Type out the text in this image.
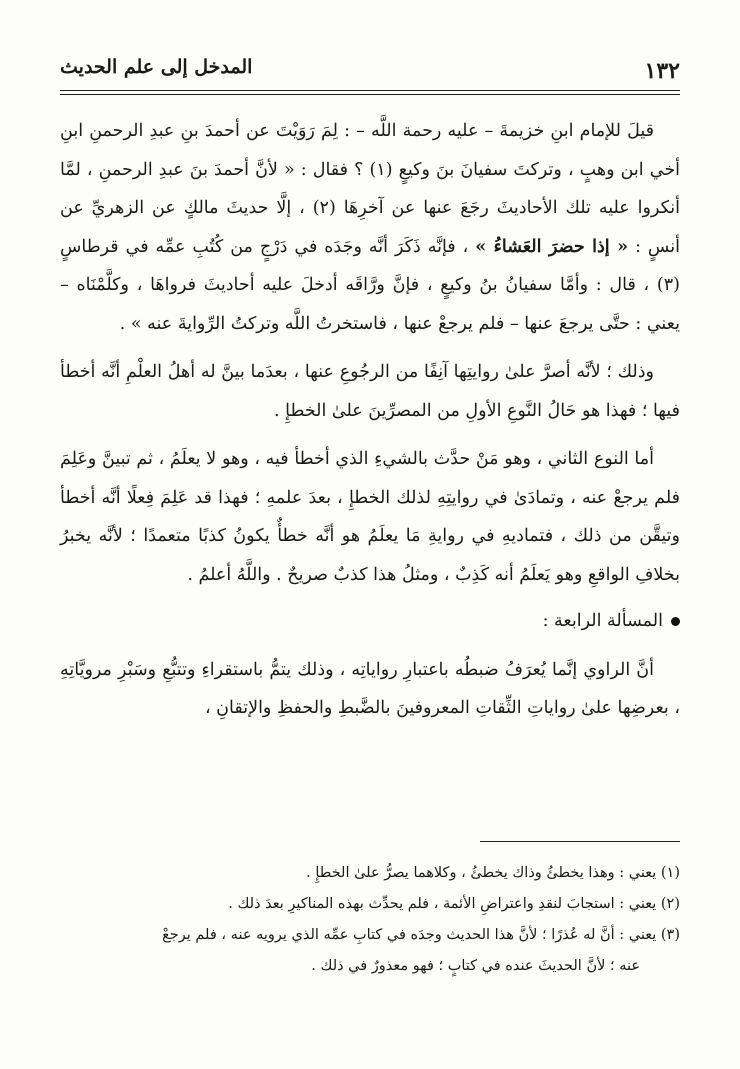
١٣٢
المدخل إلى علم الحديث

قيلَ للإمام ابنِ خزيمةَ – عليه رحمة اللَّه – : لِمَ رَوَيْتَ عن أحمدَ بنِ عبدِ الرحمنِ ابنِ أخي ابن وهبٍ ، وتركتَ سفيانَ بنَ وكيعٍ (١) ؟ فقال : « لأنَّ أحمدَ بنَ عبدِ الرحمنِ ، لمَّا أنكروا عليه تلك الأحاديثَ رجَعَ عنها عن آخرِهَا (٢) ، إلَّا حديثَ مالكٍ عن الزهريِّ عن أنسٍ : « إذا حضرَ العَشاءُ » ، فإنَّه ذَكَرَ أنَّه وجَدَه في دَرْجٍ من كُتُبِ عمِّه في قرطاسٍ (٣) ، قال : وأمَّا سفيانُ بنُ وكيعٍ ، فإنَّ ورَّاقَه أدخلَ عليه أحاديثَ فرواهَا ، وكلَّمْنَاه – يعني : حتَّى يرجعَ عنها – فلم يرجعْ عنها ، فاستخرتُ اللَّه وتركتُ الرِّوايةَ عنه » .

وذلك ؛ لأنَّه أصرَّ علىٰ روايتِها آنِفًا من الرجُوعِ عنها ، بعدَما بينَّ له أهلُ العلْمِ أنَّه أخطأ فيها ؛ فهذا هو حَالُ النَّوعِ الأولِ من المصرِّينَ علىٰ الخطإِ .

أما النوع الثاني ، وهو مَنْ حدَّث بالشيءِ الذي أخطأ فيه ، وهو لا يعلَمُ ، ثم تبينَّ وعَلِمَ فلم يرجعْ عنه ، وتمادَىٰ في روايتِهِ لذلك الخطإِ ، بعدَ علمهِ ؛ فهذا قد عَلِمَ فِعلًا أنَّه أخطأ وتيقَّن من ذلك ، فتماديهِ في روايةِ مَا يعلَمُ هو أنَّه خطأٌ يكونُ كذبًا متعمدًا ؛ لأنَّه يخبرُ بخلافِ الواقعِ وهو يَعلَمُ أنه كَذِبٌ ، ومثلُ هذا كذبٌ صريحٌ . واللَّهُ أعلمُ .

المسألة الرابعة :

أنَّ الراوي إنَّما يُعرَفُ ضبطُه باعتبارِ رواياتِه ، وذلك يتمُّ باستقراءِ وتتبُّعِ وسَبْرِ مرويَّاتِهِ ، بعرضِها علىٰ رواياتِ الثِّقاتِ المعروفينَ بالضَّبطِ والحفظِ والإتقانِ ،

(١) يعني : وهذا يخطئُ وذاك يخطئُ ، وكلاهما يصرُّ علىٰ الخطإِ .

(٢) يعني : استجابَ لنقدِ واعتراضِ الأئمة ، فلم يحدِّث بهذه المناكيرِ بعدَ ذلك .

(٣) يعني : أنَّ له عُذرًا ؛ لأنَّ هذا الحديث وجدَه في كتابِ عمِّه الذي يرويه عنه ، فلم يرجعْ

عنه ؛ لأنَّ الحديثَ عنده في كتابٍ ؛ فهو معذورٌ في ذلك .
